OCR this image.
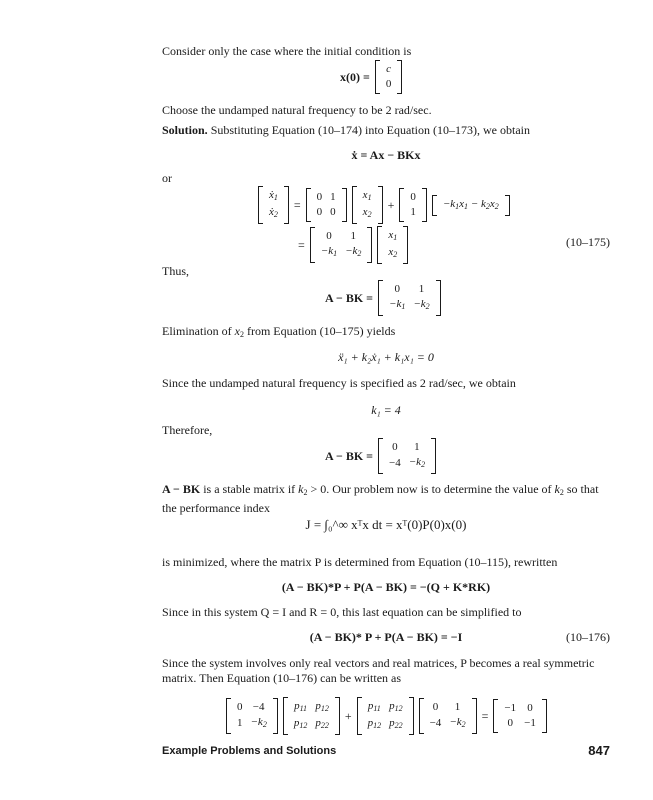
Consider only the case where the initial condition is
x(0) =
c
0
Choose the undamped natural frequency to be 2 rad/sec.
Solution. Substituting Equation (10–174) into Equation (10–173), we obtain
ẋ = Ax − BKx
or
ẋ$_1$
ẋ$_2$
=
0	1
0	0
$x_1$
$x_2$
+
0
1
$-k_1x_1 - k_2x_2$
=
0	1
$-k_1$	$-k_2$
$x_1$
$x_2$
(10–175)
Thus,
A − BK =
0	1
$-k_1$	$-k_2$
Elimination of $x_2$ from Equation (10–175) yields
ẍ₁ + k₂ẋ₁ + k₁x₁ = 0
Since the undamped natural frequency is specified as 2 rad/sec, we obtain
k₁ = 4
Therefore,
A − BK =
0	1
−4	$-k_2$
A − BK is a stable matrix if $k_2 > 0$. Our problem now is to determine the value of $k_2$ so that the performance index
J = ∫₀^∞ xᵀx dt = xᵀ(0)P(0)x(0)
is minimized, where the matrix P is determined from Equation (10–115), rewritten
(A − BK)*P + P(A − BK) = −(Q + K*RK)
Since in this system Q = I and R = 0, this last equation can be simplified to
(A − BK)* P + P(A − BK) = −I	(10–176)
Since the system involves only real vectors and real matrices, P becomes a real symmetric matrix. Then Equation (10–176) can be written as
0	−4
1	$-k_2$
$p_{11}$	$p_{12}$
$p_{12}$	$p_{22}$
+
$p_{11}$	$p_{12}$
$p_{12}$	$p_{22}$
0	1
−4	$-k_2$
=
−1	0
0	−1
Example Problems and Solutions	847
